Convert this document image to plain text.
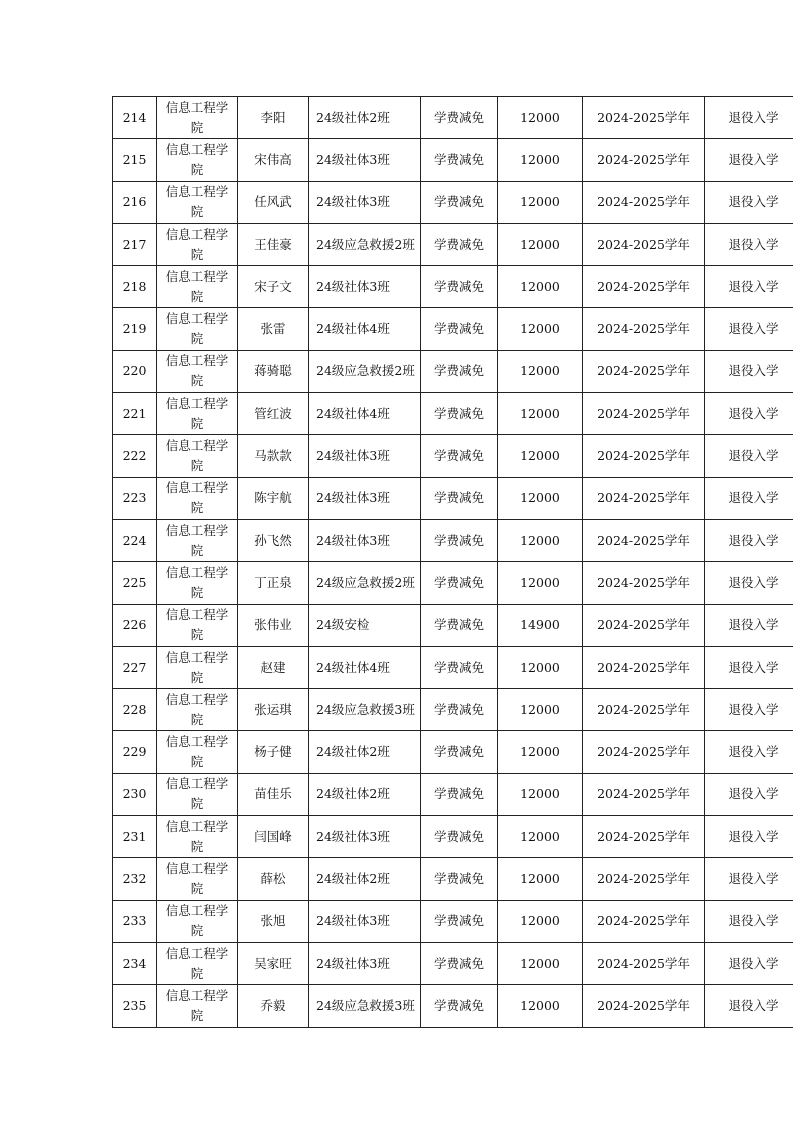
214	信息工程学院	李阳	24级社体2班	学费减免	12000	2024-2025学年	退役入学
215	信息工程学院	宋伟高	24级社体3班	学费减免	12000	2024-2025学年	退役入学
216	信息工程学院	任风武	24级社体3班	学费减免	12000	2024-2025学年	退役入学
217	信息工程学院	王佳豪	24级应急救援2班	学费减免	12000	2024-2025学年	退役入学
218	信息工程学院	宋子文	24级社体3班	学费减免	12000	2024-2025学年	退役入学
219	信息工程学院	张雷	24级社体4班	学费减免	12000	2024-2025学年	退役入学
220	信息工程学院	蒋骑聪	24级应急救援2班	学费减免	12000	2024-2025学年	退役入学
221	信息工程学院	管红波	24级社体4班	学费减免	12000	2024-2025学年	退役入学
222	信息工程学院	马款款	24级社体3班	学费减免	12000	2024-2025学年	退役入学
223	信息工程学院	陈宇航	24级社体3班	学费减免	12000	2024-2025学年	退役入学
224	信息工程学院	孙飞然	24级社体3班	学费减免	12000	2024-2025学年	退役入学
225	信息工程学院	丁正泉	24级应急救援2班	学费减免	12000	2024-2025学年	退役入学
226	信息工程学院	张伟业	24级安检	学费减免	14900	2024-2025学年	退役入学
227	信息工程学院	赵建	24级社体4班	学费减免	12000	2024-2025学年	退役入学
228	信息工程学院	张运琪	24级应急救援3班	学费减免	12000	2024-2025学年	退役入学
229	信息工程学院	杨子健	24级社体2班	学费减免	12000	2024-2025学年	退役入学
230	信息工程学院	苗佳乐	24级社体2班	学费减免	12000	2024-2025学年	退役入学
231	信息工程学院	闫国峰	24级社体3班	学费减免	12000	2024-2025学年	退役入学
232	信息工程学院	薛松	24级社体2班	学费减免	12000	2024-2025学年	退役入学
233	信息工程学院	张旭	24级社体3班	学费减免	12000	2024-2025学年	退役入学
234	信息工程学院	吴家旺	24级社体3班	学费减免	12000	2024-2025学年	退役入学
235	信息工程学院	乔毅	24级应急救援3班	学费减免	12000	2024-2025学年	退役入学
